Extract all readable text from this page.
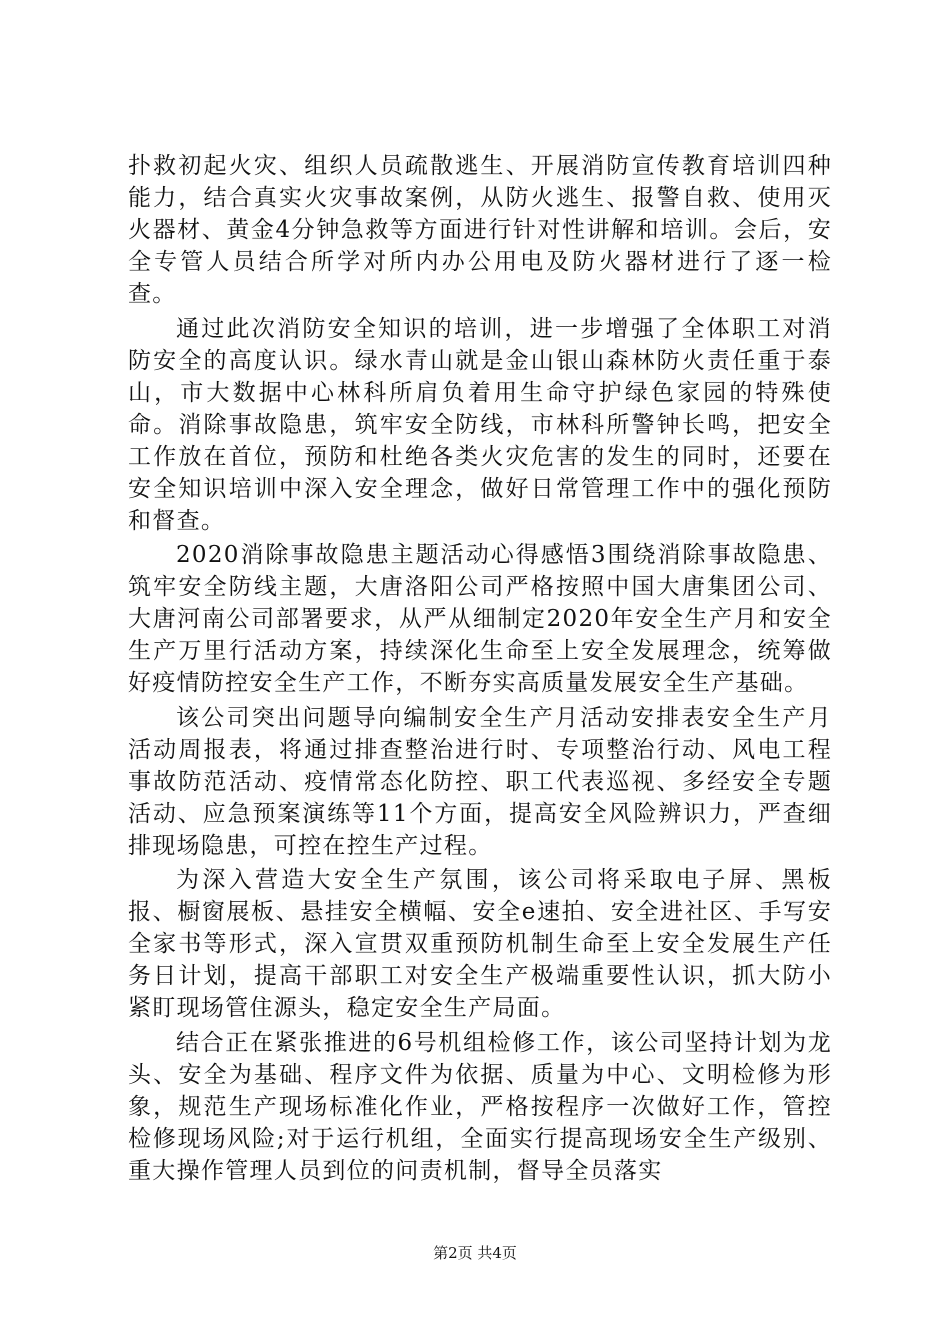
扑救初起火灾、组织人员疏散逃生、开展消防宣传教育培训四种能力，结合真实火灾事故案例，从防火逃生、报警自救、使用灭火器材、黄金4分钟急救等方面进行针对性讲解和培训。会后，安全专管人员结合所学对所内办公用电及防火器材进行了逐一检查。

通过此次消防安全知识的培训，进一步增强了全体职工对消防安全的高度认识。绿水青山就是金山银山森林防火责任重于泰山，市大数据中心林科所肩负着用生命守护绿色家园的特殊使命。消除事故隐患，筑牢安全防线，市林科所警钟长鸣，把安全工作放在首位，预防和杜绝各类火灾危害的发生的同时，还要在安全知识培训中深入安全理念，做好日常管理工作中的强化预防和督查。

2020消除事故隐患主题活动心得感悟3围绕消除事故隐患、筑牢安全防线主题，大唐洛阳公司严格按照中国大唐集团公司、大唐河南公司部署要求，从严从细制定2020年安全生产月和安全生产万里行活动方案，持续深化生命至上安全发展理念，统筹做好疫情防控安全生产工作，不断夯实高质量发展安全生产基础。

该公司突出问题导向编制安全生产月活动安排表安全生产月活动周报表，将通过排查整治进行时、专项整治行动、风电工程事故防范活动、疫情常态化防控、职工代表巡视、多经安全专题活动、应急预案演练等11个方面，提高安全风险辨识力，严查细排现场隐患，可控在控生产过程。

为深入营造大安全生产氛围，该公司将采取电子屏、黑板报、橱窗展板、悬挂安全横幅、安全e速拍、安全进社区、手写安全家书等形式，深入宣贯双重预防机制生命至上安全发展生产任务日计划，提高干部职工对安全生产极端重要性认识，抓大防小紧盯现场管住源头，稳定安全生产局面。

结合正在紧张推进的6号机组检修工作，该公司坚持计划为龙头、安全为基础、程序文件为依据、质量为中心、文明检修为形象，规范生产现场标准化作业，严格按程序一次做好工作，管控检修现场风险;对于运行机组，全面实行提高现场安全生产级别、重大操作管理人员到位的问责机制，督导全员落实

第2页 共4页
